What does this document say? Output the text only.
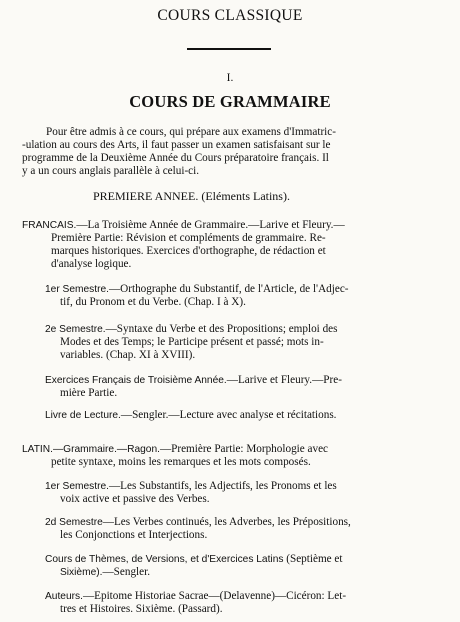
COURS CLASSIQUE
I.
COURS DE GRAMMAIRE
Pour être admis à ce cours, qui prépare aux examens d'Immatric-
-ulation au cours des Arts, il faut passer un examen satisfaisant sur le
programme de la Deuxième Année du Cours préparatoire français. Il
y a un cours anglais parallèle à celui-ci.
PREMIERE ANNEE. (Eléments Latins).
FRANCAIS.—La Troisième Année de Grammaire.—Larive et Fleury.—
Première Partie: Révision et compléments de grammaire. Re-
marques historiques. Exercices d'orthographe, de rédaction et
d'analyse logique.
1er Semestre.—Orthographe du Substantif, de l'Article, de l'Adjec-
tif, du Pronom et du Verbe. (Chap. I à X).
2e Semestre.—Syntaxe du Verbe et des Propositions; emploi des
Modes et des Temps; le Participe présent et passé; mots in-
variables. (Chap. XI à XVIII).
Exercices Français de Troisième Année.—Larive et Fleury.—Pre-
mière Partie.
Livre de Lecture.—Sengler.—Lecture avec analyse et récitations.
LATIN.—Grammaire.—Ragon.—Première Partie: Morphologie avec
petite syntaxe, moins les remarques et les mots composés.
1er Semestre.—Les Substantifs, les Adjectifs, les Pronoms et les
voix active et passive des Verbes.
2d Semestre—Les Verbes continués, les Adverbes, les Prépositions,
les Conjonctions et Interjections.
Cours de Thèmes, de Versions, et d'Exercices Latins (Septième et
Sixième).—Sengler.
Auteurs.—Epitome Historiae Sacrae—(Delavenne)—Cicéron: Let-
tres et Histoires. Sixième. (Passard).
